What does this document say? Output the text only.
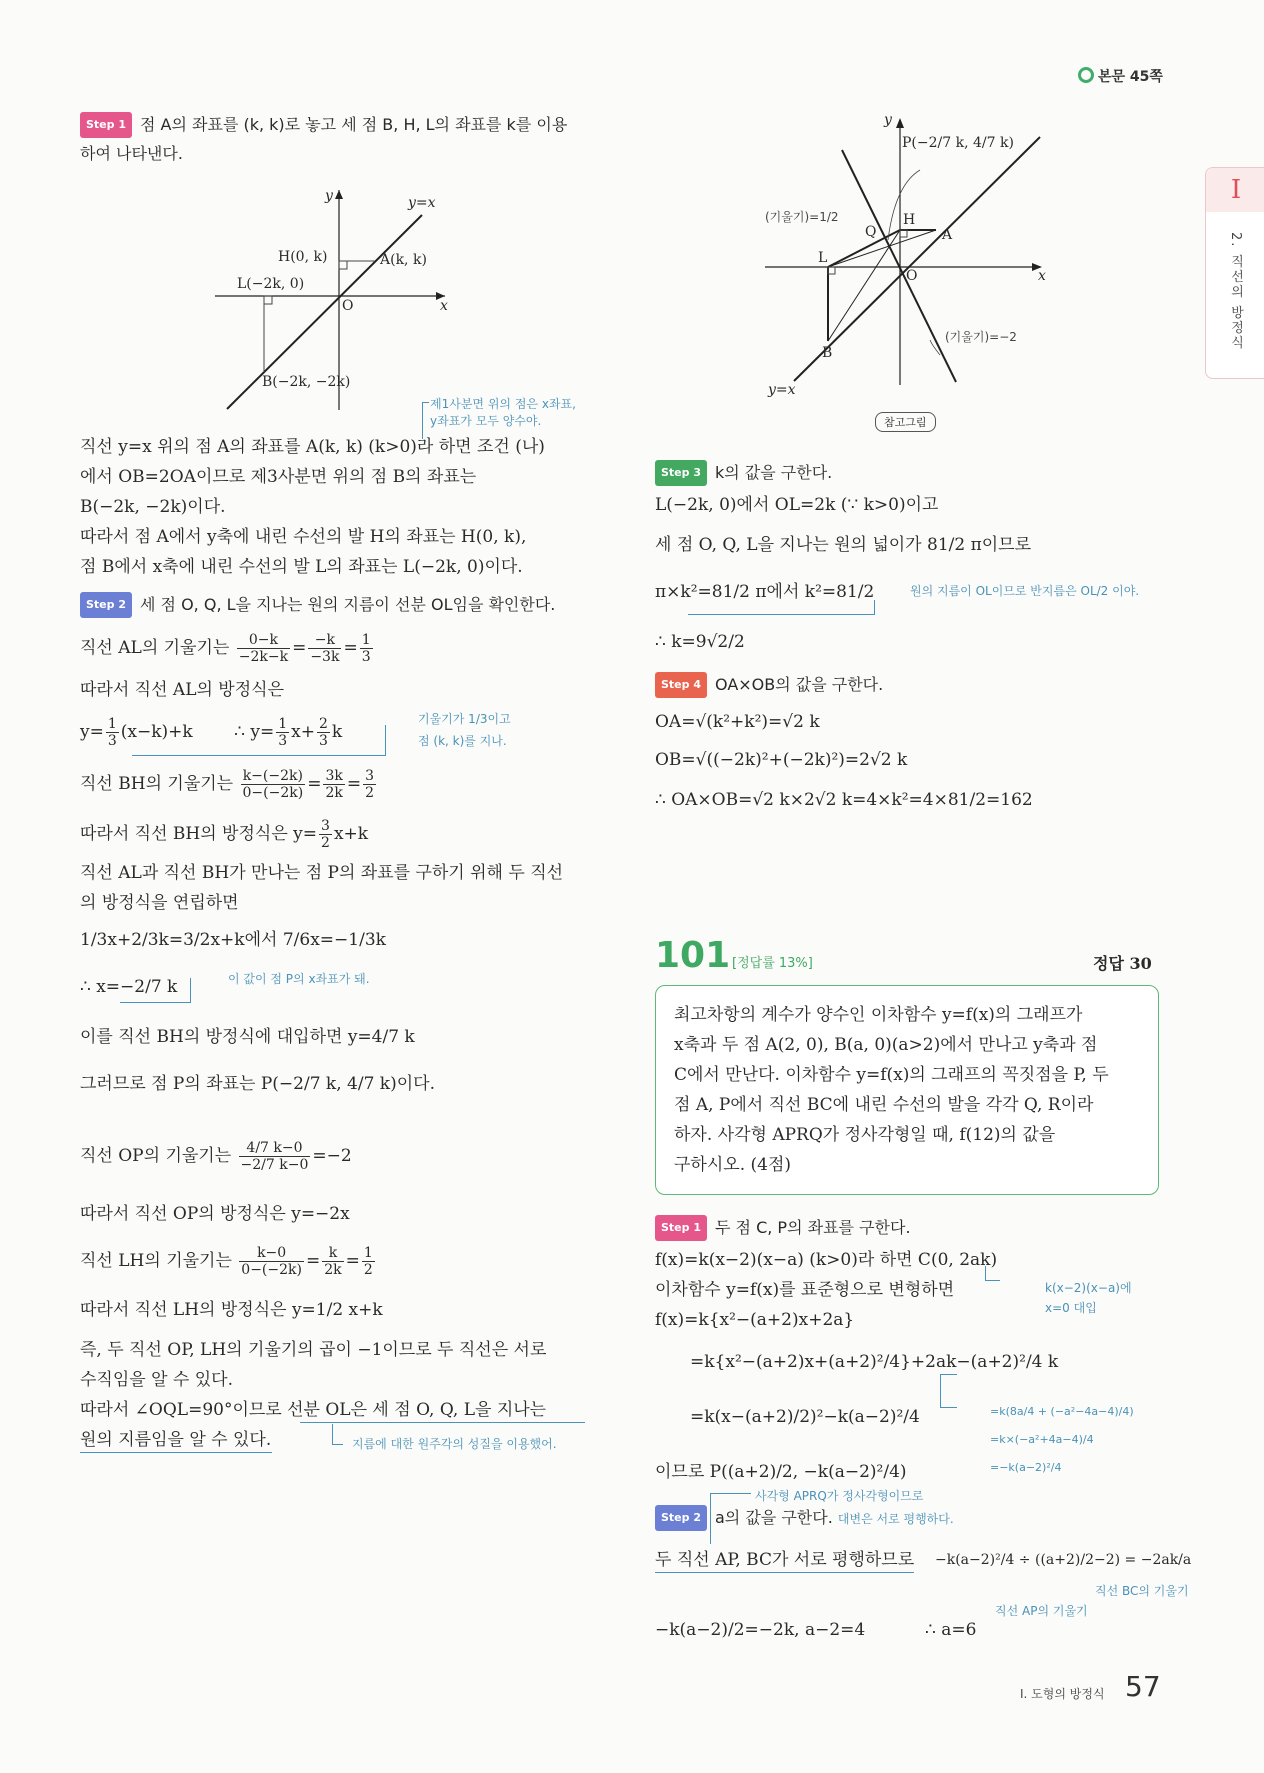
본문 45쪽
I
2. 직선의 방정식
Step 1 점 A의 좌표를 (k, k)로 놓고 세 점 B, H, L의 좌표를 k를 이용
하여 나타낸다.
y	y=x
H(0, k)	A(k, k)
L(−2k, 0)
O	x
B(−2k, −2k)
제1사분면 위의 점은 x좌표,
y좌표가 모두 양수야.
직선 y=x 위의 점 A의 좌표를 A(k, k) (k>0)라 하면 조건 (나)
에서 OB=2OA이므로 제3사분면 위의 점 B의 좌표는
B(−2k, −2k)이다.
따라서 점 A에서 y축에 내린 수선의 발 H의 좌표는 H(0, k),
점 B에서 x축에 내린 수선의 발 L의 좌표는 L(−2k, 0)이다.
Step 2 세 점 O, Q, L을 지나는 원의 지름이 선분 OL임을 확인한다.
직선 AL의 기울기는 $\frac{0-k}{-2k-k} = \frac{-k}{-3k} = \frac{1}{3}$
따라서 직선 AL의 방정식은
$y= \frac{1}{3} (x-k)+k$ ∴ $y= \frac{1}{3} x+ \frac{2}{3}$ k
기울기가 1/3이고
점 (k, k)를 지나.
직선 BH의 기울기는 $\frac{k-(-2k)}{0-(-2k)} = \frac{3k}{2k} = \frac{3}{2}$
따라서 직선 BH의 방정식은 $y= \frac{3}{2} x+k$
직선 AL과 직선 BH가 만나는 점 P의 좌표를 구하기 위해 두 직선
의 방정식을 연립하면
1/3x+2/3k=3/2x+k에서 7/6x=−1/3k
∴ x=−2/7 k	이 값이 점 P의 x좌표가 돼.
이를 직선 BH의 방정식에 대입하면 y=4/7 k
그러므로 점 P의 좌표는 P(−2/7 k, 4/7 k)이다.
직선 OP의 기울기는 $\frac{4/7 k-0}{-2/7 k-0} =-2$
따라서 직선 OP의 방정식은 y=−2x
직선 LH의 기울기는 $\frac{k-0}{0-(-2k)} = \frac{k}{2k} = \frac{1}{2}$
따라서 직선 LH의 방정식은 y=1/2 x+k
즉, 두 직선 OP, LH의 기울기의 곱이 −1이므로 두 직선은 서로
수직임을 알 수 있다.
따라서 ∠OQL=90°이므로 선분 OL은 세 점 O, Q, L을 지나는
원의 지름임을 알 수 있다.	지름에 대한 원주각의 성질을 이용했어.
y
P(−2/7 k, 4/7 k)
(기울기)=1/2	H
Q	A
L
O	x
(기울기)=−2
B
y=x
참고그림
Step 3 k의 값을 구한다.
L(−2k, 0)에서 OL=2k (∵ k>0)이고
세 점 O, Q, L을 지나는 원의 넓이가 81/2 π이므로
π×k²=81/2 π에서 k²=81/2	원의 지름이 OL이므로 반지름은 OL/2 이야.
∴ k=9√2/2
Step 4 OA×OB의 값을 구한다.
OA=√(k²+k²)=√2 k
OB=√((−2k)²+(−2k)²)=2√2 k
∴ OA×OB=√2 k×2√2 k=4×k²=4×81/2=162
101 [정답률 13%]	정답 30
최고차항의 계수가 양수인 이차함수 y=f(x)의 그래프가
x축과 두 점 A(2, 0), B(a, 0)(a>2)에서 만나고 y축과 점
C에서 만난다. 이차함수 y=f(x)의 그래프의 꼭짓점을 P, 두
점 A, P에서 직선 BC에 내린 수선의 발을 각각 Q, R이라
하자. 사각형 APRQ가 정사각형일 때, f(12)의 값을
구하시오. (4점)
Step 1 두 점 C, P의 좌표를 구한다.
f(x)=k(x−2)(x−a) (k>0)라 하면 C(0, 2ak)
이차함수 y=f(x)를 표준형으로 변형하면
f(x)=k{x²−(a+2)x+2a}
=k{x²−(a+2)x+(a+2)²/4}+2ak−(a+2)²/4 k
=k(x−(a+2)/2)²−k(a−2)²/4
이므로 P((a+2)/2, −k(a−2)²/4)
k(x−2)(x−a)에
x=0 대입
=k(8a/4 + (−a²−4a−4)/4)
=k×(−a²+4a−4)/4
=−k(a−2)²/4
사각형 APRQ가 정사각형이므로
Step 2 a의 값을 구한다. 대변은 서로 평행하다.
두 직선 AP, BC가 서로 평행하므로 −k(a−2)²/4 ÷ ((a+2)/2−2) = −2ak/a
직선 BC의 기울기
직선 AP의 기울기
−k(a−2)/2=−2k, a−2=4	∴ a=6
I. 도형의 방정식 57
